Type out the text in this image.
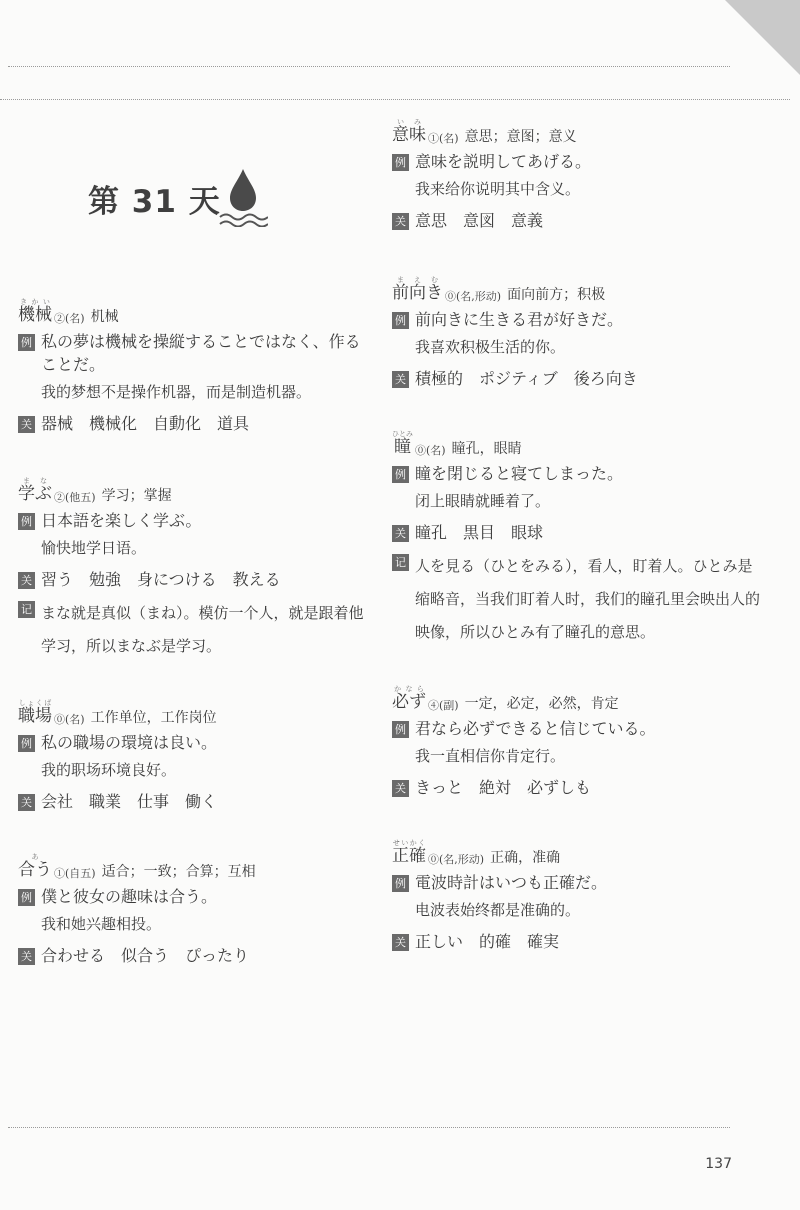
第 31 天
機械きかい
②(名) 机械
例 私の夢は機械を操縦することではなく、作ることだ。
我的梦想不是操作机器，而是制造机器。
关 器械　機械化　自動化　道具
学ぶまな
②(他五) 学习；掌握
例 日本語を楽しく学ぶ。
愉快地学日语。
关 習う　勉強　身につける　教える
记 まな就是真似（まね）。模仿一个人，就是跟着他学习，所以まなぶ是学习。
職場しょくば
⓪(名) 工作单位，工作岗位
例 私の職場の環境は良い。
我的职场环境良好。
关 会社　職業　仕事　働く
合うあ
①(自五) 适合；一致；合算；互相
例 僕と彼女の趣味は合う。
我和她兴趣相投。
关 合わせる　似合う　ぴったり
意味いみ
①(名) 意思；意图；意义
例 意味を説明してあげる。
我来给你说明其中含义。
关 意思　意図　意義
前向きまえむ
⓪(名,形动) 面向前方；积极
例 前向きに生きる君が好きだ。
我喜欢积极生活的你。
关 積極的　ポジティブ　後ろ向き
瞳ひとみ
⓪(名) 瞳孔，眼睛
例 瞳を閉じると寝てしまった。
闭上眼睛就睡着了。
关 瞳孔　黒目　眼球
记 人を見る（ひとをみる），看人，盯着人。ひとみ是缩略音，当我们盯着人时，我们的瞳孔里会映出人的映像，所以ひとみ有了瞳孔的意思。
必ずかなら
④(副) 一定，必定，必然，肯定
例 君なら必ずできると信じている。
我一直相信你肯定行。
关 きっと　絶対　必ずしも
正確せいかく
⓪(名,形动) 正确，准确
例 電波時計はいつも正確だ。
电波表始终都是准确的。
关 正しい　的確　確実
137
